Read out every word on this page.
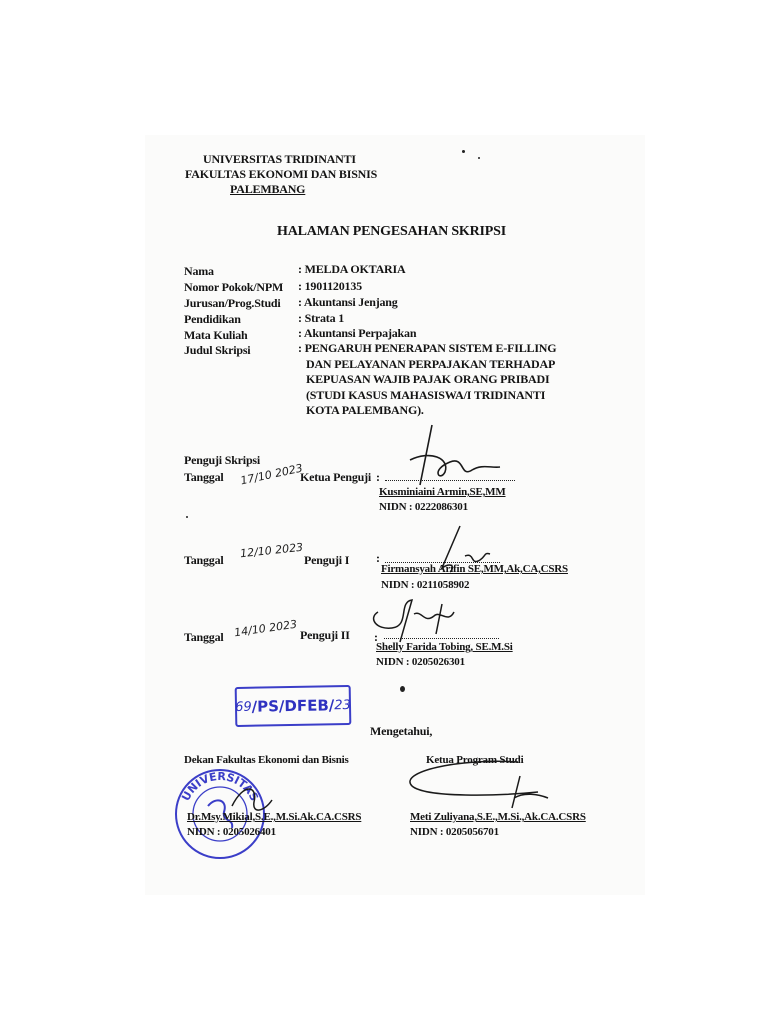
UNIVERSITAS TRIDINANTI
FAKULTAS EKONOMI DAN BISNIS
PALEMBANG
HALAMAN PENGESAHAN SKRIPSI
Nama	: MELDA OKTARIA
Nomor Pokok/NPM : 1901120135
Jurusan/Prog.Studi : Akuntansi Jenjang
Pendidikan	: Strata 1
Mata Kuliah	: Akuntansi Perpajakan
Judul Skripsi	: PENGARUH PENERAPAN SISTEM E-FILLING
DAN PELAYANAN PERPAJAKAN TERHADAP
KEPUASAN WAJIB PAJAK ORANG PRIBADI
(STUDI KASUS MAHASISWA/I TRIDINANTI
KOTA PALEMBANG).
Penguji Skripsi
Tanggal 17/10 2023
Ketua Penguji :
Kusminiaini Armin,SE,MM
NIDN : 0222086301
Tanggal 12/10 2023 Penguji I :
Firmansyah Arifin SE,MM,Ak,CA,CSRS
NIDN : 0211058902
Tanggal 14/10 2023 Penguji II :
Shelly Farida Tobing, SE.M.Si
NIDN : 0205026301
69 /PS/DFEB/ 23
Mengetahui,
Dekan Fakultas Ekonomi dan Bisnis	Ketua Program Studi
UNIVERSITAS
Dr.Msy.Mikial,S.E.,M.Si.Ak.CA.CSRS
NIDN : 0205026401
Meti Zuliyana,S.E.,M.Si.,Ak.CA.CSRS
NIDN : 0205056701
